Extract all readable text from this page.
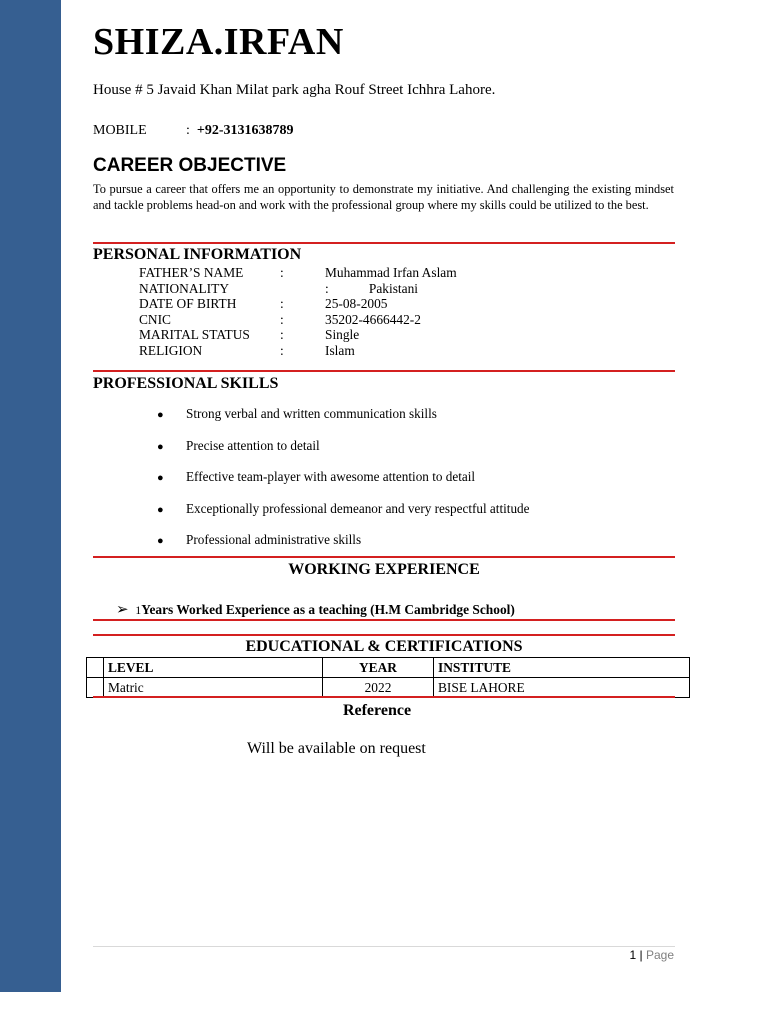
SHIZA.IRFAN
House # 5 Javaid Khan Milat park agha Rouf Street Ichhra Lahore.
MOBILE	: +92-3131638789
CAREER OBJECTIVE
To pursue a career that offers me an opportunity to demonstrate my initiative. And challenging the existing mindset and tackle problems head-on and work with the professional group where my skills could be utilized to the best.
PERSONAL INFORMATION
FATHER’S NAME	:	Muhammad Irfan Aslam
NATIONALITY		:            Pakistani
DATE OF BIRTH	:	25-08-2005
CNIC	:	35202-4666442-2
MARITAL STATUS	:	Single
RELIGION	:	Islam
PROFESSIONAL SKILLS
● Strong verbal and written communication skills
● Precise attention to detail
● Effective team-player with awesome attention to detail
● Exceptionally professional demeanor and very respectful attitude
● Professional administrative skills
WORKING EXPERIENCE
➢ 1Years Worked Experience as a teaching (H.M Cambridge School)
EDUCATIONAL & CERTIFICATIONS
	LEVEL	YEAR	INSTITUTE
	Matric	2022	BISE LAHORE
Reference
Will be available on request
1 | Page
